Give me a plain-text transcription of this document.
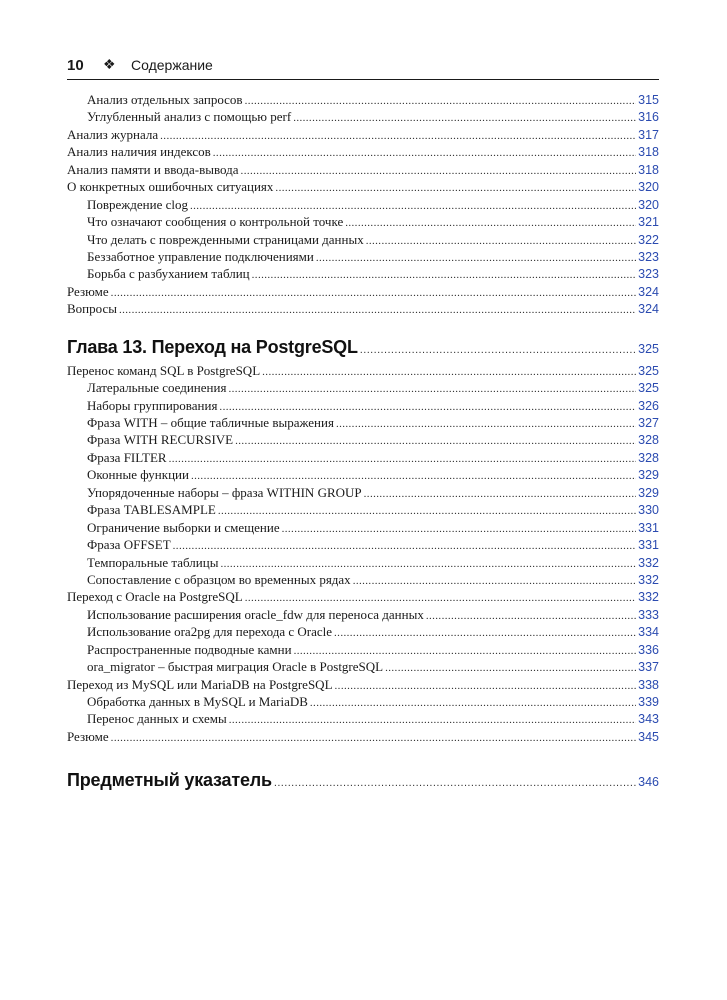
10 ❖ Содержание
Анализ отдельных запросов .....	315
Углубленный анализ с помощью perf .....	316
Анализ журнала .....	317
Анализ наличия индексов .....	318
Анализ памяти и ввода-вывода .....	318
О конкретных ошибочных ситуациях .....	320
Повреждение clog .....	320
Что означают сообщения о контрольной точке .....	321
Что делать с поврежденными страницами данных .....	322
Беззаботное управление подключениями .....	323
Борьба с разбуханием таблиц .....	323
Резюме .....	324
Вопросы .....	324
Глава 13. Переход на PostgreSQL .....	325
Перенос команд SQL в PostgreSQL .....	325
Латеральные соединения .....	325
Наборы группирования .....	326
Фраза WITH – общие табличные выражения .....	327
Фраза WITH RECURSIVE .....	328
Фраза FILTER .....	328
Оконные функции .....	329
Упорядоченные наборы – фраза WITHIN GROUP .....	329
Фраза TABLESAMPLE .....	330
Ограничение выборки и смещение .....	331
Фраза OFFSET .....	331
Темпоральные таблицы .....	332
Сопоставление с образцом во временных рядах .....	332
Переход с Oracle на PostgreSQL .....	332
Использование расширения oracle_fdw для переноса данных .....	333
Использование ora2pg для перехода с Oracle .....	334
Распространенные подводные камни .....	336
ora_migrator – быстрая миграция Oracle в PostgreSQL .....	337
Переход из MySQL или MariaDB на PostgreSQL .....	338
Обработка данных в MySQL и MariaDB .....	339
Перенос данных и схемы .....	343
Резюме .....	345
Предметный указатель .....	346
